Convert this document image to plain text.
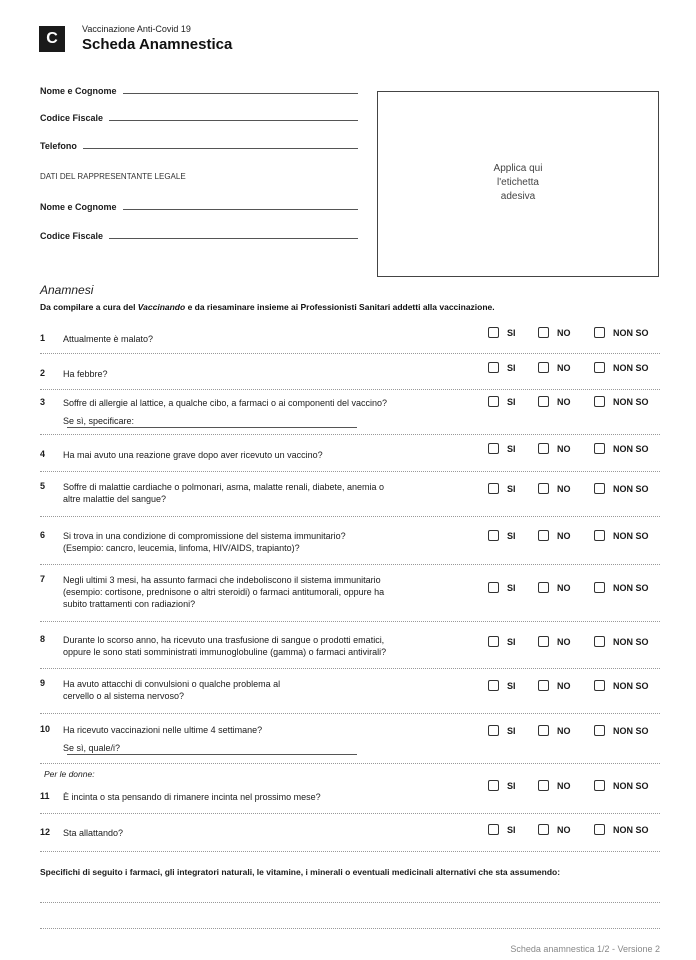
C
Vaccinazione Anti-Covid 19
Scheda Anamnestica
Nome e Cognome
Codice Fiscale
Telefono
DATI DEL RAPPRESENTANTE LEGALE
Nome e Cognome
Codice Fiscale
Applica qui
l'etichetta
adesiva
Anamnesi
Da compilare a cura del Vaccinando e da riesaminare insieme ai Professionisti Sanitari addetti alla vaccinazione.
1 Attualmente è malato?
SI	NO	NON SO
2 Ha febbre?
SI	NO	NON SO
3 Soffre di allergie al lattice, a qualche cibo, a farmaci o ai componenti del vaccino?
Se sì, specificare:
SI	NO	NON SO
4 Ha mai avuto una reazione grave dopo aver ricevuto un vaccino?
SI	NO	NON SO
5 Soffre di malattie cardiache o polmonari, asma, malatte renali, diabete, anemia o
altre malattie del sangue?
SI	NO	NON SO
6 Si trova in una condizione di compromissione del sistema immunitario?
(Esempio: cancro, leucemia, linfoma, HIV/AIDS, trapianto)?
SI	NO	NON SO
7 Negli ultimi 3 mesi, ha assunto farmaci che indeboliscono il sistema immunitario
(esempio: cortisone, prednisone o altri steroidi) o farmaci antitumorali, oppure ha
subito trattamenti con radiazioni?
SI	NO	NON SO
8 Durante lo scorso anno, ha ricevuto una trasfusione di sangue o prodotti ematici,
oppure le sono stati somministrati immunoglobuline (gamma) o farmaci antivirali?
SI	NO	NON SO
9 Ha avuto attacchi di convulsioni o qualche problema al
cervello o al sistema nervoso?
SI	NO	NON SO
10 Ha ricevuto vaccinazioni nelle ultime 4 settimane?
Se sì, quale/i?
SI	NO	NON SO
11 È incinta o sta pensando di rimanere incinta nel prossimo mese?
SI	NO	NON SO
12 Sta allattando?	SI	NO	NON SO
Per le donne:
Specifichi di seguito i farmaci, gli integratori naturali, le vitamine, i minerali o eventuali medicinali alternativi che sta assumendo:
Scheda anamnestica 1/2 - Versione 2
